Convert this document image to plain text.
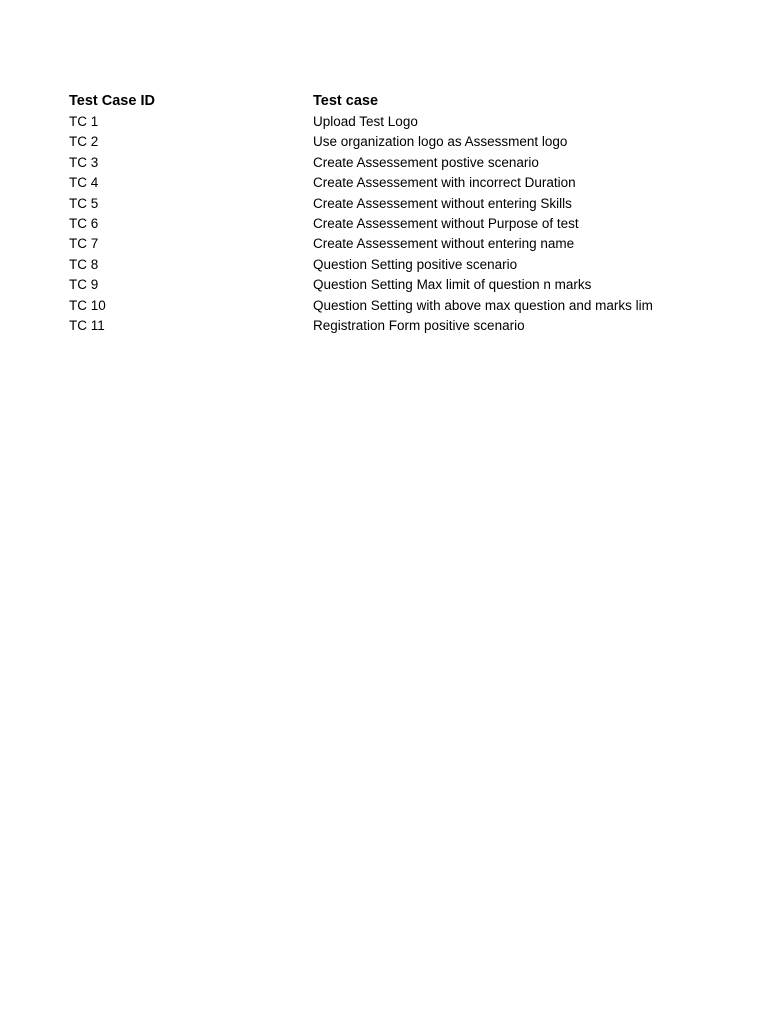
Test Case ID	Test case
TC 1	Upload Test Logo
TC 2	Use organization logo as Assessment logo
TC 3	Create Assessement postive scenario
TC 4	Create Assessement with incorrect Duration
TC 5	Create Assessement without entering Skills
TC 6	Create Assessement without Purpose of test
TC 7	Create Assessement without entering name
TC 8	Question Setting positive scenario
TC 9	Question Setting Max limit of question n marks
TC 10	Question Setting with above max question and marks lim
TC 11	Registration Form positive scenario
